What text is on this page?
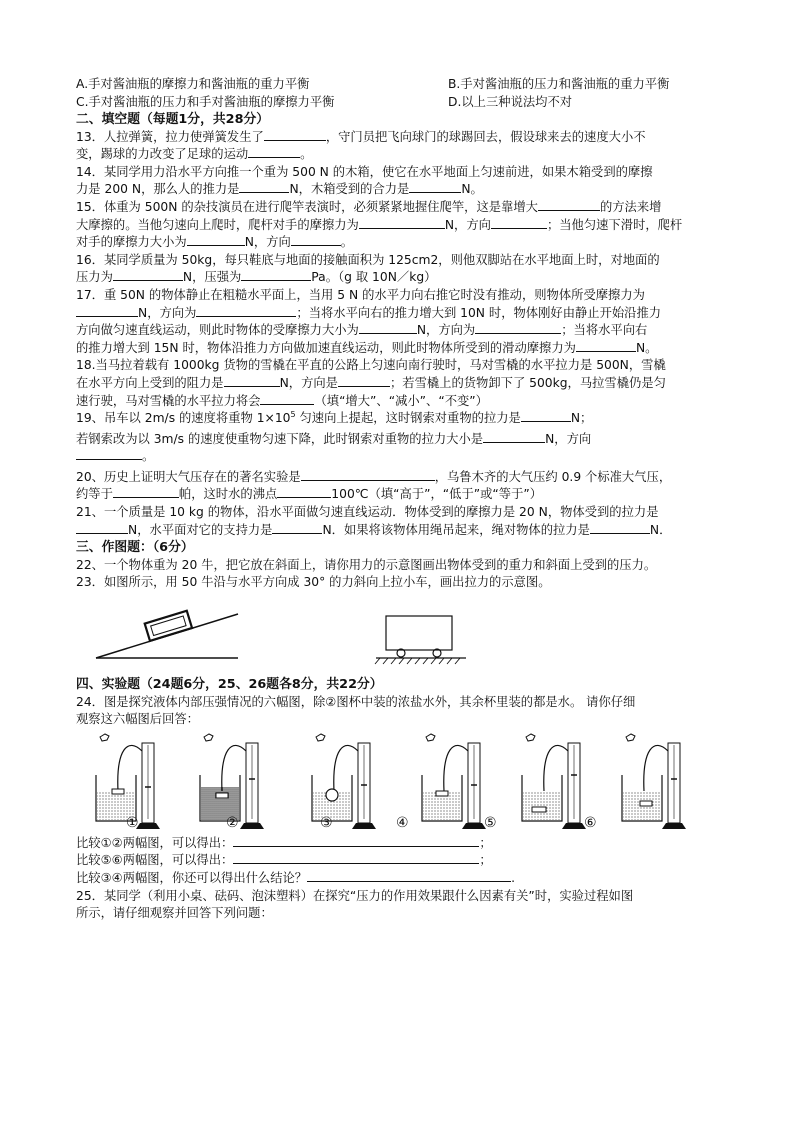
A.手对酱油瓶的摩擦力和酱油瓶的重力平衡	B.手对酱油瓶的压力和酱油瓶的重力平衡
C.手对酱油瓶的压力和手对酱油瓶的摩擦力平衡	D.以上三种说法均不对

二、填空题（每题1分，共28分）

13．人拉弹簧，拉力使弹簧发生了	，守门员把飞向球门的球踢回去，假设球来去的速度大小不

变，踢球的力改变了足球的运动	。

14．某同学用力沿水平方向推一个重为 500 N 的木箱，使它在水平地面上匀速前进，如果木箱受到的摩擦

力是 200 N，那么人的推力是	N，木箱受到的合力是	N。

15．体重为 500N 的杂技演员在进行爬竿表演时，必须紧紧地握住爬竿，这是靠增大	的方法来增

大摩擦的。当他匀速向上爬时，爬杆对手的摩擦力为	N，方向	；当他匀速下滑时，爬杆

对手的摩擦力大小为	N，方向	。

16．某同学质量为 50kg，每只鞋底与地面的接触面积为 125cm2，则他双脚站在水平地面上时，对地面的

压力为	N，压强为	Pa。（g 取 10N／kg）

17．重 50N 的物体静止在粗糙水平面上，当用 5 N 的水平力向右推它时没有推动，则物体所受摩擦力为

N，方向为	；当将水平向右的推力增大到 10N 时，物体刚好由静止开始沿推力

方向做匀速直线运动，则此时物体的受摩擦力大小为	N，方向为	；当将水平向右

的推力增大到 15N 时，物体沿推力方向做加速直线运动，则此时物体所受到的滑动摩擦力为	N。

18.当马拉着载有 1000kg 货物的雪橇在平直的公路上匀速向南行驶时，马对雪橇的水平拉力是 500N，雪橇

在水平方向上受到的阻力是	N，方向是	；若雪橇上的货物卸下了 500kg，马拉雪橇仍是匀

速行驶，马对雪橇的水平拉力将会	（填“增大”、“减小”、“不变”）

19、吊车以 2m/s 的速度将重物 $1\times 10^5$ 匀速向上提起，这时钢索对重物的拉力是	N；

若钢索改为以 3m/s 的速度使重物匀速下降，此时钢索对重物的拉力大小是	N，方向

。

20、历史上证明大气压存在的著名实验是	，乌鲁木齐的大气压约 0.9 个标准大气压，

约等于	帕，这时水的沸点	100℃（填“高于”，“低于”或“等于”）

21、一个质量是 10 kg 的物体，沿水平面做匀速直线运动．物体受到的摩擦力是 20 N，物体受到的拉力是

N，水平面对它的支持力是	N．如果将该物体用绳吊起来，绳对物体的拉力是	N．

三、作图题：（6分）

22、一个物体重为 20 牛，把它放在斜面上，请你用力的示意图画出物体受到的重力和斜面上受到的压力。

23．如图所示，用 50 牛沿与水平方向成 30° 的力斜向上拉小车，画出拉力的示意图。

四、实验题（24题6分，25、26题各8分，共22分）

24．图是探究液体内部压强情况的六幅图，除②图杯中装的浓盐水外，其余杯里装的都是水。 请你仔细

观察这六幅图后回答：

①	②	③	④	⑤	⑥

比较①②两幅图，可以得出：	；

比较⑤⑥两幅图，可以得出：	；

比较③④两幅图，你还可以得出什么结论？	.

25．某同学（利用小桌、砝码、泡沫塑料）在探究“压力的作用效果跟什么因素有关”时，实验过程如图

所示，请仔细观察并回答下列问题：
